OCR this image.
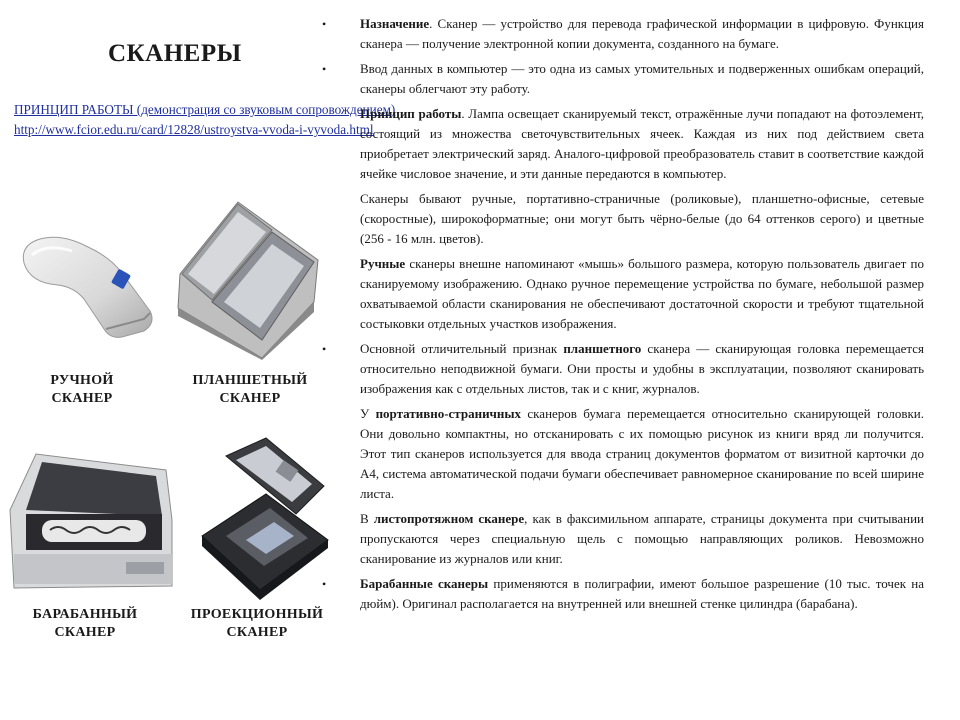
СКАНЕРЫ
ПРИНЦИП РАБОТЫ (демонстрация со звуковым сопровождением)
http://www.fcior.edu.ru/card/12828/ustroystva-vvoda-i-vyvoda.html
РУЧНОЙ
СКАНЕР
ПЛАНШЕТНЫЙ
СКАНЕР
БАРАБАННЫЙ
СКАНЕР
ПРОЕКЦИОННЫЙ
СКАНЕР
• Назначение. Сканер — устройство для перевода графической информации в цифровую. Функция сканера — получение электронной копии документа, созданного на бумаге.
• Ввод данных в компьютер — это одна из самых утомительных и подверженных ошибкам операций, сканеры облегчают эту работу.
Принцип работы. Лампа освещает сканируемый текст, отражённые лучи попадают на фотоэлемент, состоящий из множества светочувствительных ячеек. Каждая из них под действием света приобретает электрический заряд. Аналого-цифровой преобразователь ставит в соответствие каждой ячейке числовое значение, и эти данные передаются в компьютер.
Сканеры бывают ручные, портативно-страничные (роликовые), планшетно-офисные, сетевые (скоростные), широкоформатные; они могут быть чёрно-белые (до 64 оттенков серого) и цветные (256 - 16 млн. цветов).
Ручные сканеры внешне напоминают «мышь» большого размера, которую пользователь двигает по сканируемому изображению. Однако ручное перемещение устройства по бумаге, небольшой размер охватываемой области сканирования не обеспечивают достаточной скорости и требуют тщательной состыковки отдельных участков изображения.
• Основной отличительный признак планшетного сканера — сканирующая головка перемещается относительно неподвижной бумаги. Они просты и удобны в эксплуатации, позволяют сканировать изображения как с отдельных листов, так и с книг, журналов.
У портативно-страничных сканеров бумага перемещается относительно сканирующей головки. Они довольно компактны, но отсканировать с их помощью рисунок из книги вряд ли получится. Этот тип сканеров используется для ввода страниц документов форматом от визитной карточки до А4, система автоматической подачи бумаги обеспечивает равномерное сканирование по всей ширине листа.
В листопротяжном сканере, как в факсимильном аппарате, страницы документа при считывании пропускаются через специальную щель с помощью направляющих роликов. Невозможно сканирование из журналов или книг.
• Барабанные сканеры применяются в полиграфии, имеют большое разрешение (10 тыс. точек на дюйм). Оригинал располагается на внутренней или внешней стенке цилиндра (барабана).
